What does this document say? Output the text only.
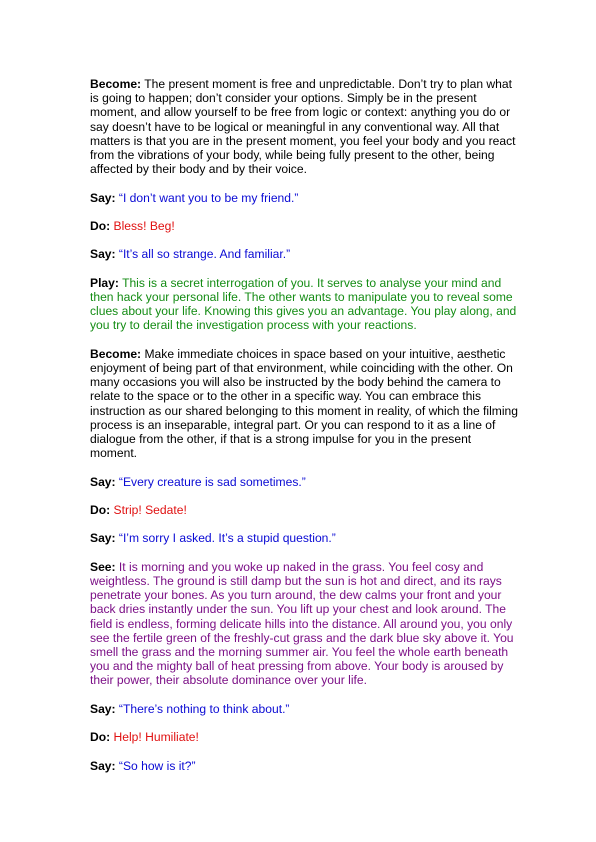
Become: The present moment is free and unpredictable. Don’t try to plan what is going to happen; don’t consider your options. Simply be in the present moment, and allow yourself to be free from logic or context: anything you do or say doesn’t have to be logical or meaningful in any conventional way. All that matters is that you are in the present moment, you feel your body and you react from the vibrations of your body, while being fully present to the other, being affected by their body and by their voice.

Say: “I don’t want you to be my friend.”

Do: Bless! Beg!

Say: “It’s all so strange. And familiar.”

Play: This is a secret interrogation of you. It serves to analyse your mind and then hack your personal life. The other wants to manipulate you to reveal some clues about your life. Knowing this gives you an advantage. You play along, and you try to derail the investigation process with your reactions.

Become: Make immediate choices in space based on your intuitive, aesthetic enjoyment of being part of that environment, while coinciding with the other. On many occasions you will also be instructed by the body behind the camera to relate to the space or to the other in a specific way. You can embrace this instruction as our shared belonging to this moment in reality, of which the filming process is an inseparable, integral part. Or you can respond to it as a line of dialogue from the other, if that is a strong impulse for you in the present moment.

Say: “Every creature is sad sometimes.”

Do: Strip! Sedate!

Say: “I’m sorry I asked. It’s a stupid question.”

See: It is morning and you woke up naked in the grass. You feel cosy and weightless. The ground is still damp but the sun is hot and direct, and its rays penetrate your bones. As you turn around, the dew calms your front and your back dries instantly under the sun. You lift up your chest and look around. The field is endless, forming delicate hills into the distance. All around you, you only see the fertile green of the freshly-cut grass and the dark blue sky above it. You smell the grass and the morning summer air. You feel the whole earth beneath you and the mighty ball of heat pressing from above. Your body is aroused by their power, their absolute dominance over your life.

Say: “There’s nothing to think about.”

Do: Help! Humiliate!

Say: “So how is it?”
